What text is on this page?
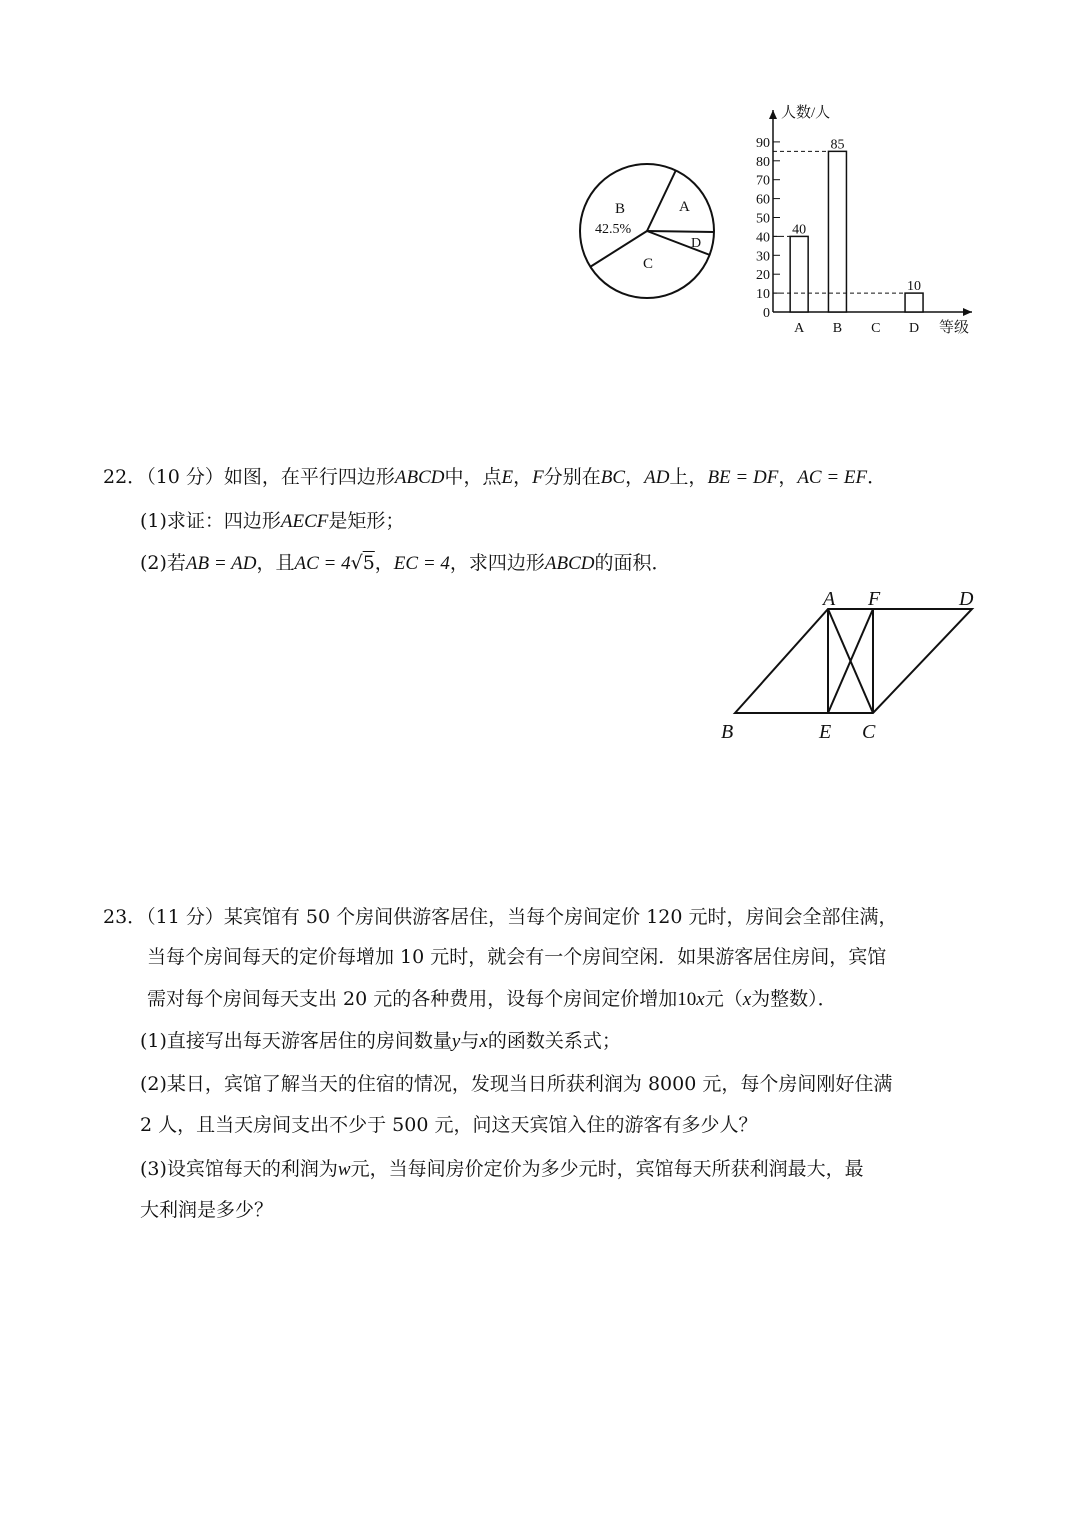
A
B
42.5%
C
D
0
10
20
30
40
50
60
70
80
90
人数/人
等级
40
A
85
B C
10
D
22．（10 分）如图，在平行四边形ABCD中，点E，F分别在BC，AD上，BE = DF，AC = EF．
(1)求证：四边形AECF是矩形；
(2)若AB = AD，且AC = 4√5，EC = 4，求四边形ABCD的面积．
A F	D
B	E C
23．（11 分）某宾馆有 50 个房间供游客居住，当每个房间定价 120 元时，房间会全部住满，
当每个房间每天的定价每增加 10 元时，就会有一个房间空闲．如果游客居住房间，宾馆
需对每个房间每天支出 20 元的各种费用，设每个房间定价增加10x元（x为整数）．
(1)直接写出每天游客居住的房间数量y与x的函数关系式；
(2)某日，宾馆了解当天的住宿的情况，发现当日所获利润为 8000 元，每个房间刚好住满
2 人，且当天房间支出不少于 500 元，问这天宾馆入住的游客有多少人？
(3)设宾馆每天的利润为w元，当每间房价定价为多少元时，宾馆每天所获利润最大，最
大利润是多少？
